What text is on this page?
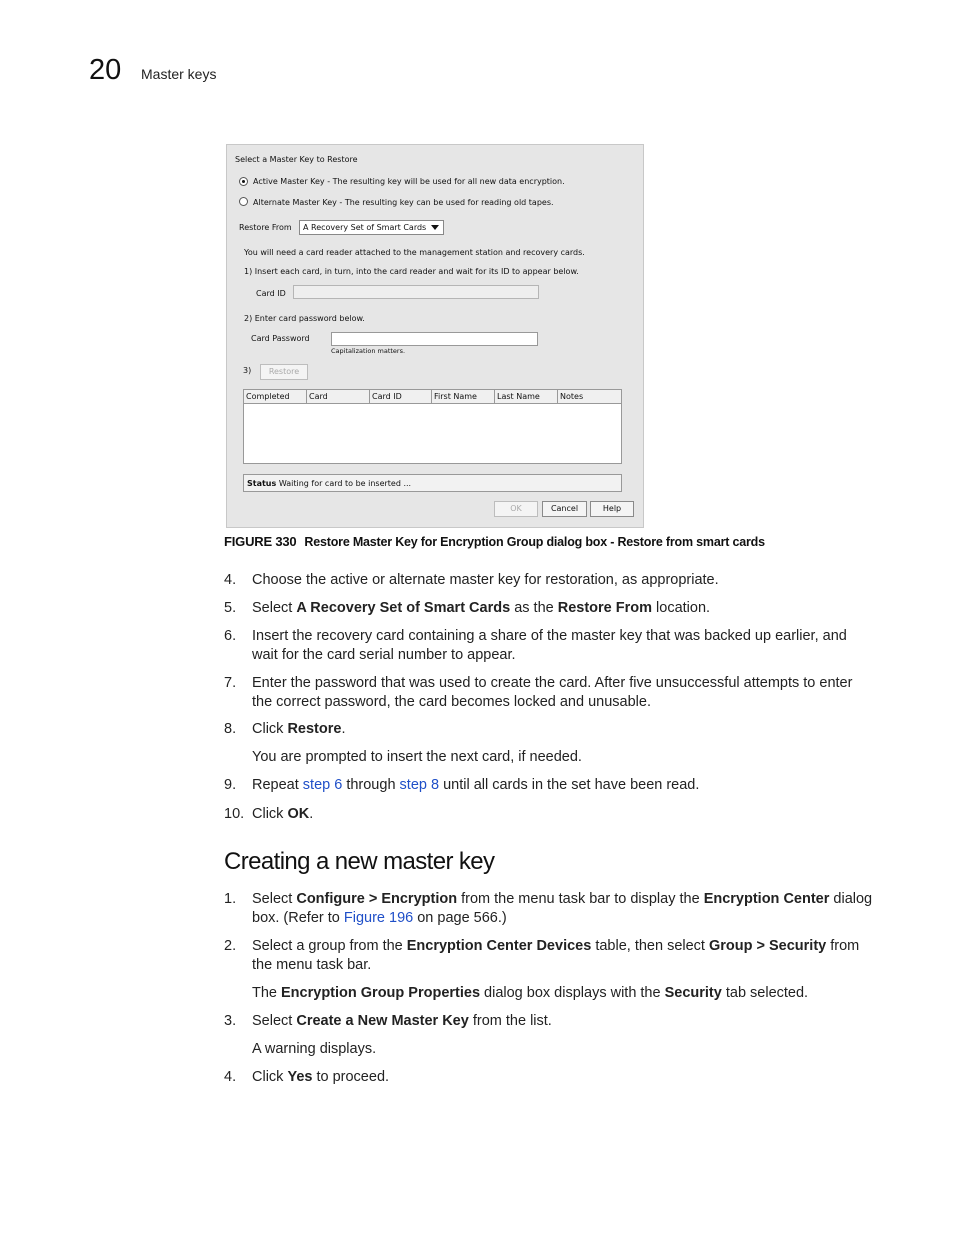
20 Master keys
Select a Master Key to Restore
Active Master Key - The resulting key will be used for all new data encryption.
Alternate Master Key - The resulting key can be used for reading old tapes.
Restore From	A Recovery Set of Smart Cards
You will need a card reader attached to the management station and recovery cards.
1) Insert each card, in turn, into the card reader and wait for its ID to appear below.
Card ID
2) Enter card password below.
Card Password
Capitalization matters.
3)	Restore
Completed	Card	Card ID	First Name	Last Name	Notes
Status Waiting for card to be inserted ...
OK	Cancel	Help
FIGURE 330 Restore Master Key for Encryption Group dialog box - Restore from smart cards
4. Choose the active or alternate master key for restoration, as appropriate.
5. Select A Recovery Set of Smart Cards as the Restore From location.
6. Insert the recovery card containing a share of the master key that was backed up earlier, and wait for the card serial number to appear.
7. Enter the password that was used to create the card. After five unsuccessful attempts to enter the correct password, the card becomes locked and unusable.
8. Click Restore.
You are prompted to insert the next card, if needed.
9. Repeat step 6 through step 8 until all cards in the set have been read.
10. Click OK.
Creating a new master key
1. Select Configure > Encryption from the menu task bar to display the Encryption Center dialog box. (Refer to Figure 196 on page 566.)
2. Select a group from the Encryption Center Devices table, then select Group > Security from the menu task bar.
The Encryption Group Properties dialog box displays with the Security tab selected.
3. Select Create a New Master Key from the list.
A warning displays.
4. Click Yes to proceed.
